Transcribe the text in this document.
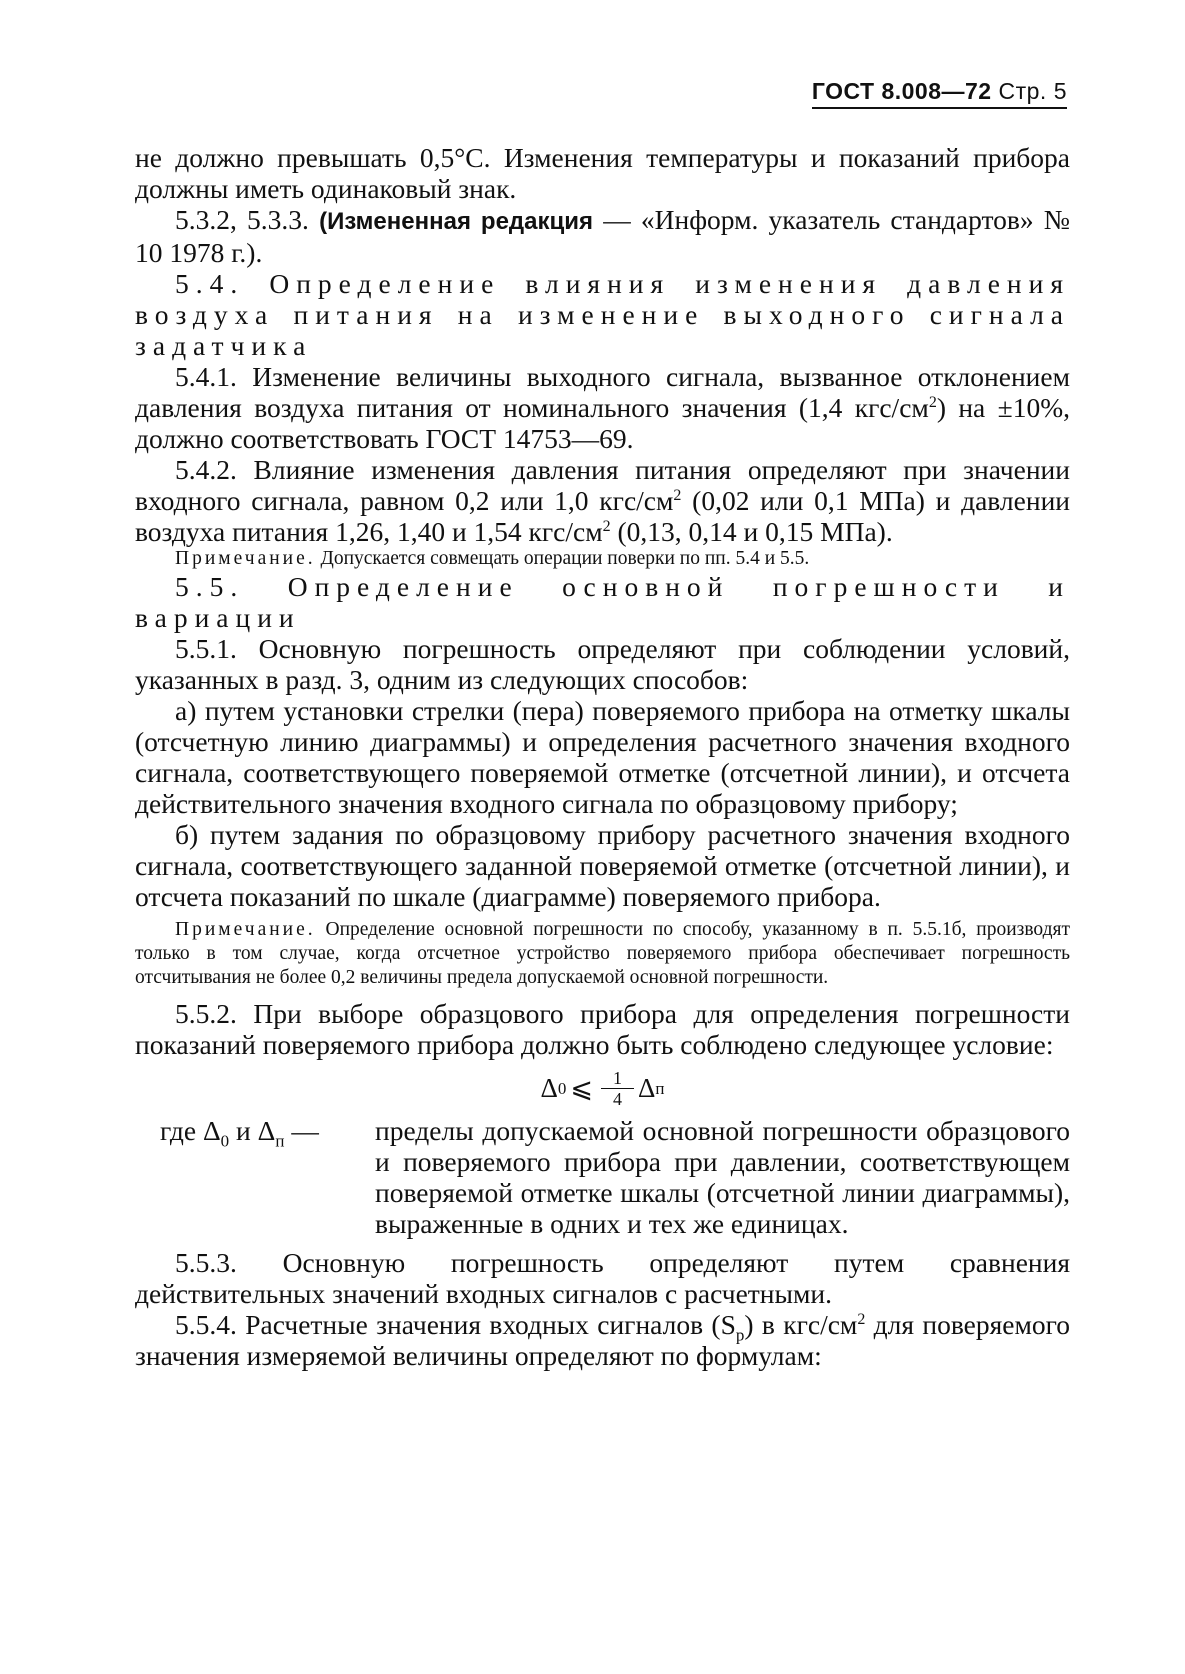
ГОСТ 8.008—72 Стр. 5

не должно превышать 0,5°С. Изменения температуры и показаний прибора должны иметь одинаковый знак.

5.3.2, 5.3.3. (Измененная редакция — «Информ. указатель стандартов» № 10 1978 г.).

5.4. Определение влияния изменения давления воздуха питания на изменение выходного сигнала задатчика

5.4.1. Изменение величины выходного сигнала, вызванное отклонением давления воздуха питания от номинального значения (1,4 кгс/$см^2$) на ±10%, должно соответствовать ГОСТ 14753—69.

5.4.2. Влияние изменения давления питания определяют при значении входного сигнала, равном 0,2 или 1,0 кгс/$см^2$ (0,02 или 0,1 МПа) и давлении воздуха питания 1,26, 1,40 и 1,54 кгс/$см^2$ (0,13, 0,14 и 0,15 МПа).

Примечание. Допускается совмещать операции поверки по пп. 5.4 и 5.5.

5.5. Определение основной погрешности и вариации

5.5.1. Основную погрешность определяют при соблюдении условий, указанных в разд. 3, одним из следующих способов:

а) путем установки стрелки (пера) поверяемого прибора на отметку шкалы (отсчетную линию диаграммы) и определения расчетного значения входного сигнала, соответствующего поверяемой отметке (отсчетной линии), и отсчета действительного значения входного сигнала по образцовому прибору;

б) путем задания по образцовому прибору расчетного значения входного сигнала, соответствующего заданной поверяемой отметке (отсчетной линии), и отсчета показаний по шкале (диаграмме) поверяемого прибора.

Примечание. Определение основной погрешности по способу, указанному в п. 5.5.1б, производят только в том случае, когда отсчетное устройство поверяемого прибора обеспечивает погрешность отсчитывания не более 0,2 величины предела допускаемой основной погрешности.

5.5.2. При выборе образцового прибора для определения погрешности показаний поверяемого прибора должно быть соблюдено следующее условие:

Δ 0 ⩽ $\frac{1}{4}$ Δ п
где $\Delta_0$ и $\Delta_п$ —	пределы допускаемой основной погрешности образцового и поверяемого прибора при давлении, соответствующем поверяемой отметке шкалы (отсчетной линии диаграммы), выраженные в одних и тех же единицах.

5.5.3. Основную погрешность определяют путем сравнения действительных значений входных сигналов с расчетными.

5.5.4. Расчетные значения входных сигналов $(S_р)$ в кгс/$см^2$ для поверяемого значения измеряемой величины определяют по формулам:
